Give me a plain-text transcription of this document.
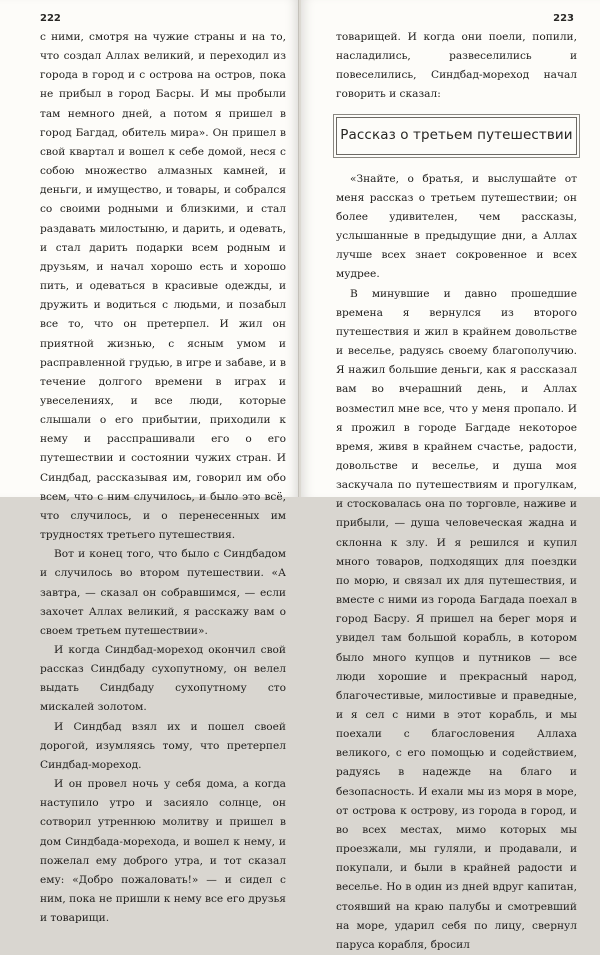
222

с ними, смотря на чужие страны и на то, что создал Аллах великий, и переходил из города в город и с острова на остров, пока не прибыл в город Басры. И мы пробыли там немного дней, а потом я пришел в город Багдад, обитель мира». Он пришел в свой квартал и вошел к себе домой, неся с собою множество алмазных камней, и деньги, и имущество, и товары, и собрался со своими родными и близкими, и стал раздавать милостыню, и дарить, и одевать, и стал дарить подарки всем родным и друзьям, и начал хорошо есть и хорошо пить, и одеваться в красивые одежды, и дружить и водиться с людьми, и позабыл все то, что он претерпел. И жил он приятной жизнью, с ясным умом и расправленной грудью, в игре и забаве, и в течение долгого времени в играх и увеселениях, и все люди, которые слышали о его прибытии, приходили к нему и расспрашивали его о его путешествии и состоянии чужих стран. И Синдбад, рассказывая им, говорил им обо всем, что с ним случилось, и было это всё, что случилось, и о перенесенных им трудностях третьего путешествия.

Вот и конец того, что было с Синдбадом и случилось во втором путешествии. «А завтра, — сказал он собравшимся, — если захочет Аллах великий, я расскажу вам о своем третьем путешествии».

И когда Синдбад-мореход окончил свой рассказ Синдбаду сухопутному, он велел выдать Синдбаду сухопутному сто мискалей золотом.

И Синдбад взял их и пошел своей дорогой, изумляясь тому, что претерпел Синдбад-мореход.

И он провел ночь у себя дома, а когда наступило утро и засияло солнце, он сотворил утреннюю молитву и пришел в дом Синдбада-морехода, и вошел к нему, и пожелал ему доброго утра, и тот сказал ему: «Добро пожаловать!» — и сидел с ним, пока не пришли к нему все его друзья и товарищи.

223

товарищей. И когда они поели, попили, насладились, развеселились и повеселились, Синдбад-мореход начал говорить и сказал:

Рассказ о третьем путешествии

«Знайте, о братья, и выслушайте от меня рассказ о третьем путешествии; он более удивителен, чем рассказы, услышанные в предыдущие дни, а Аллах лучше всех знает сокровенное и всех мудрее.

В минувшие и давно прошедшие времена я вернулся из второго путешествия и жил в крайнем довольстве и веселье, радуясь своему благополучию. Я нажил большие деньги, как я рассказал вам во вчерашний день, и Аллах возместил мне все, что у меня пропало. И я прожил в городе Багдаде некоторое время, живя в крайнем счастье, радости, довольстве и веселье, и душа моя заскучала по путешествиям и прогулкам, и стосковалась она по торговле, наживе и прибыли, — душа человеческая жадна и склонна к злу. И я решился и купил много товаров, подходящих для поездки по морю, и связал их для путешествия, и вместе с ними из города Багдада поехал в город Басру. Я пришел на берег моря и увидел там большой корабль, в котором было много купцов и путников — все люди хорошие и прекрасный народ, благочестивые, милостивые и праведные, и я сел с ними в этот корабль, и мы поехали с благословения Аллаха великого, с его помощью и содействием, радуясь в надежде на благо и безопасность. И ехали мы из моря в море, от острова к острову, из города в город, и во всех местах, мимо которых мы проезжали, мы гуляли, и продавали, и покупали, и были в крайней радости и веселье. Но в один из дней вдруг капитан, стоявший на краю палубы и смотревший на море, ударил себя по лицу, свернул паруса корабля, бросил
